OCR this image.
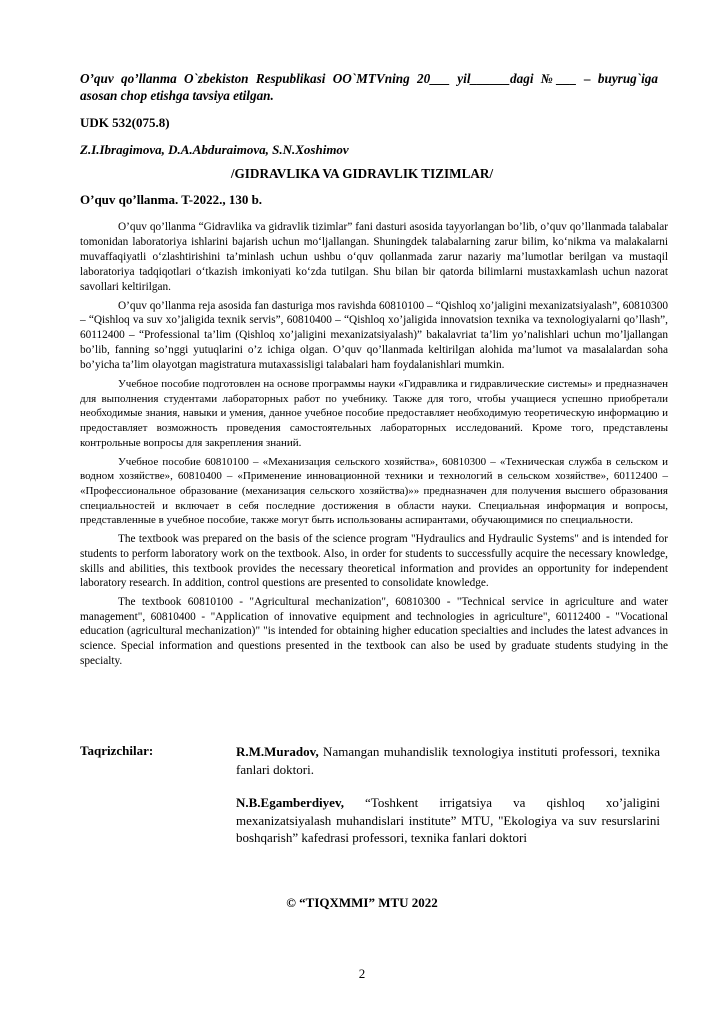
O’quv qo’llanma O`zbekiston Respublikasi OO`MTVning 20___ yil______dagi №___ – buyrug`iga asosan chop etishga tavsiya etilgan.
UDK 532(075.8)
Z.I.Ibragimova, D.A.Abduraimova, S.N.Xoshimov
/GIDRAVLIKA VA GIDRAVLIK TIZIMLAR/
O’quv qo’llanma. T-2022., 130 b.

O’quv qo’llanma “Gidravlika va gidravlik tizimlar” fani dasturi asosida tayyorlangan bo’lib, o’quv qo’llanmada talabalar tomonidan laboratoriya ishlarini bajarish uchun mo‘ljallangan. Shuningdek talabalarning zarur bilim, ko‘nikma va malakalarni muvaffaqiyatli o‘zlashtirishini ta’minlash uchun ushbu o‘quv qollanmada zarur nazariy ma’lumotlar berilgan va mustaqil laboratoriya tadqiqotlari o‘tkazish imkoniyati ko‘zda tutilgan. Shu bilan bir qatorda bilimlarni mustaxkamlash uchun nazorat savollari keltirilgan.

O’quv qo’llanma reja asosida fan dasturiga mos ravishda 60810100 – “Qishloq xo’jaligini mexanizatsiyalash”, 60810300 – “Qishloq va suv xo’jaligida texnik servis”, 60810400 – “Qishloq xo’jaligida innovatsion texnika va texnologiyalarni qo’llash”, 60112400 – “Professional ta’lim (Qishloq xo’jaligini mexanizatsiyalash)” bakalavriat ta’lim yo’nalishlari uchun mo’ljallangan bo’lib, fanning so’nggi yutuqlarini o’z ichiga olgan. O’quv qo’llanmada keltirilgan alohida ma’lumot va masalalardan soha bo’yicha ta’lim olayotgan magistratura mutaxassisligi talabalari ham foydalanishlari mumkin.

Учебное пособие подготовлен на основе программы науки «Гидравлика и гидравлические системы» и предназначен для выполнения студентами лабораторных работ по учебнику. Также для того, чтобы учащиеся успешно приобретали необходимые знания, навыки и умения, данное учебное пособие предоставляет необходимую теоретическую информацию и предоставляет возможность проведения самостоятельных лабораторных исследований. Кроме того, представлены контрольные вопросы для закрепления знаний.

Учебное пособие 60810100 – «Механизация сельского хозяйства», 60810300 – «Техническая служба в сельском и водном хозяйстве», 60810400 – «Применение инновационной техники и технологий в сельском хозяйстве», 60112400 – «Профессиональное образование (механизация сельского хозяйства)»» предназначен для получения высшего образования специальностей и включает в себя последние достижения в области науки. Специальная информация и вопросы, представленные в учебное пособие, также могут быть использованы аспирантами, обучающимися по специальности.

The textbook was prepared on the basis of the science program "Hydraulics and Hydraulic Systems" and is intended for students to perform laboratory work on the textbook. Also, in order for students to successfully acquire the necessary knowledge, skills and abilities, this textbook provides the necessary theoretical information and provides an opportunity for independent laboratory research. In addition, control questions are presented to consolidate knowledge.

The textbook 60810100 - "Agricultural mechanization", 60810300 - "Technical service in agriculture and water management", 60810400 - "Application of innovative equipment and technologies in agriculture", 60112400 - "Vocational education (agricultural mechanization)" "is intended for obtaining higher education specialties and includes the latest advances in science. Special information and questions presented in the textbook can also be used by graduate students studying in the specialty.

Taqrizchilar:	R.M.Muradov, Namangan muhandislik texnologiya instituti professori, texnika fanlari doktori.
N.B.Egamberdiyev, “Toshkent irrigatsiya va qishloq xo’jaligini mexanizatsiyalash muhandislari institute” MTU, "Ekologiya va suv resurslarini boshqarish” kafedrasi professori, texnika fanlari doktori
© “TIQXMMI” MTU 2022
2
